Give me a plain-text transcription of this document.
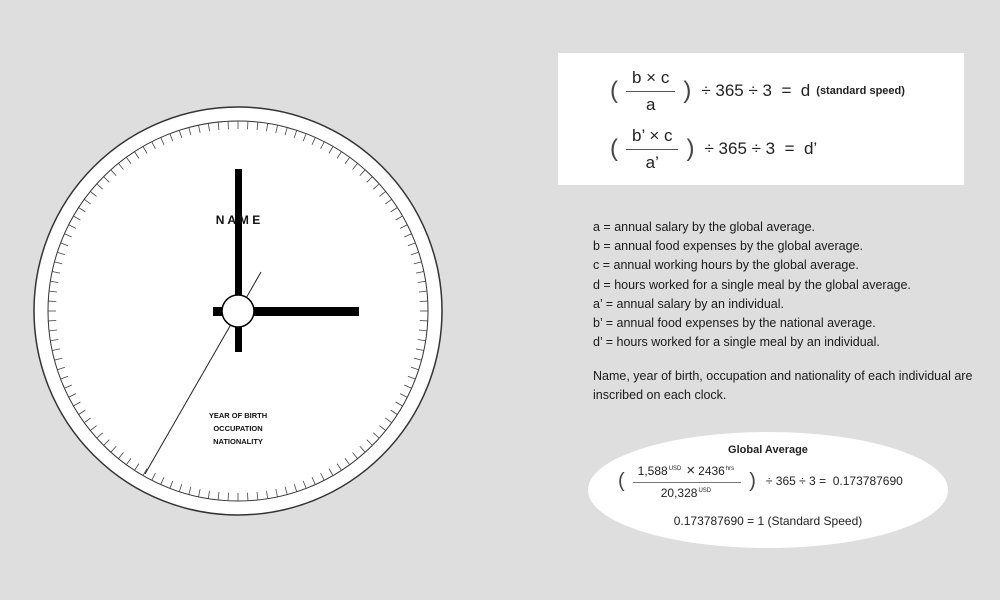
N A M E
YEAR OF BIRTH
OCCUPATION
NATIONALITY
( $\frac{b \times c}{a}$ ) ÷ 365 ÷ 3  =  d (standard speed)
( $\frac{b’ \times c}{a’}$ ) ÷ 365 ÷ 3  =  d’
a = annual salary by the global average.
b = annual food expenses by the global average.
c = annual working hours by the global average.
d = hours worked for a single meal by the global average.
a’ = annual salary by an individual.
b’ = annual food expenses by the national average.
d’ = hours worked for a single meal by an individual.
Name, year of birth, occupation and nationality of each individual are inscribed on each clock.
Global Average
( $\frac{1,588^{USD} \times 2436^{hrs}}{20,328^{USD}}$ ) ÷ 365 ÷ 3 =  0.173787690
0.173787690 = 1 (Standard Speed)
